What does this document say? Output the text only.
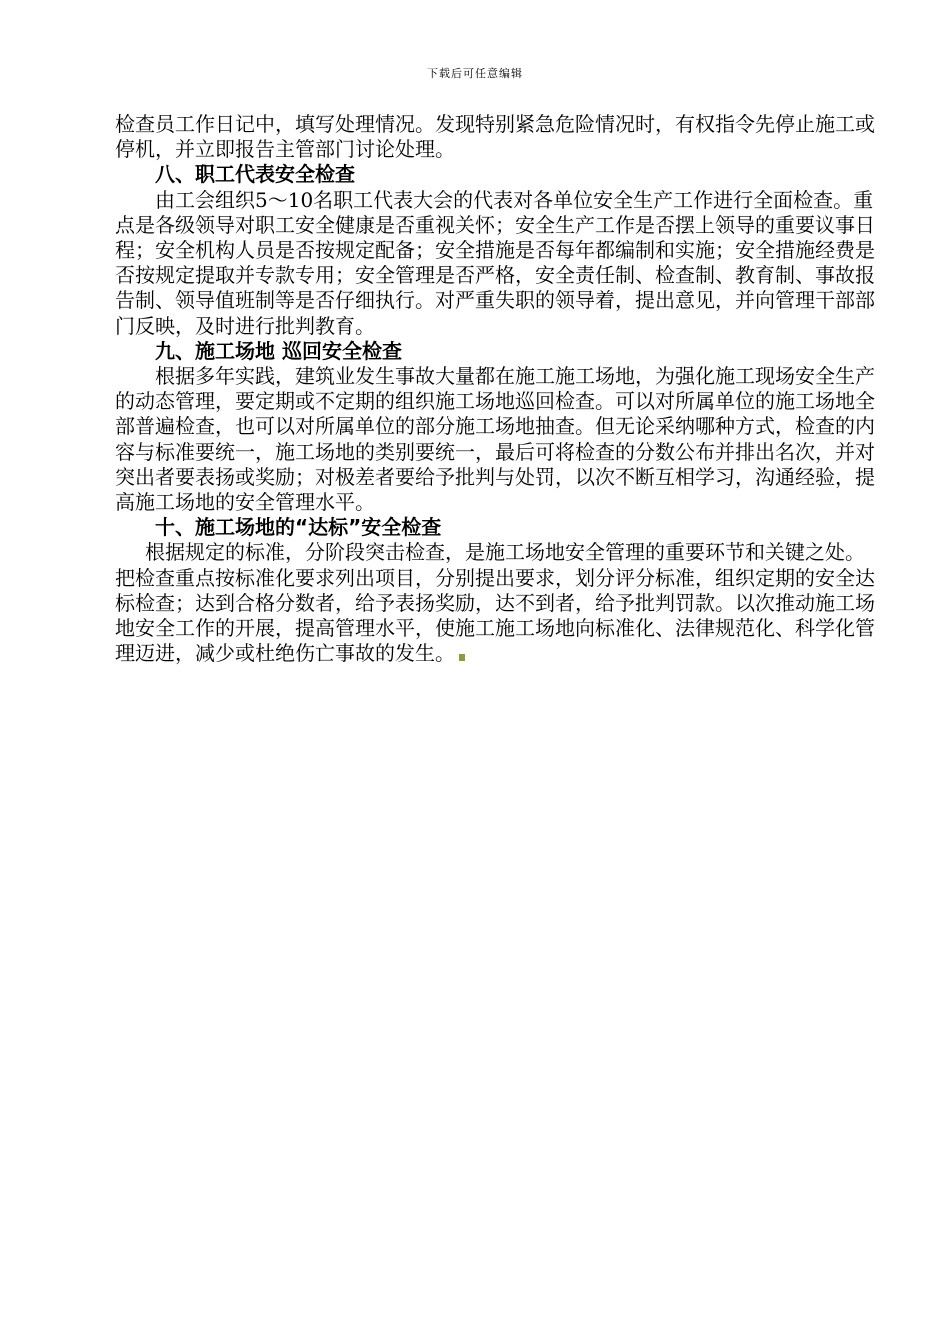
下载后可任意编辑

检查员工作日记中，填写处理情况。发现特别紧急危险情况时，有权指令先停止施工或停机，并立即报告主管部门讨论处理。

八、职工代表安全检查

由工会组织5～10名职工代表大会的代表对各单位安全生产工作进行全面检查。重点是各级领导对职工安全健康是否重视关怀；安全生产工作是否摆上领导的重要议事日程；安全机构人员是否按规定配备；安全措施是否每年都编制和实施；安全措施经费是否按规定提取并专款专用；安全管理是否严格，安全责任制、检查制、教育制、事故报告制、领导值班制等是否仔细执行。对严重失职的领导着，提出意见，并向管理干部部门反映，及时进行批判教育。

九、施工场地 巡回安全检查

根据多年实践，建筑业发生事故大量都在施工施工场地，为强化施工现场安全生产的动态管理，要定期或不定期的组织施工场地巡回检查。可以对所属单位的施工场地全部普遍检查，也可以对所属单位的部分施工场地抽查。但无论采纳哪种方式，检查的内容与标准要统一，施工场地的类别要统一，最后可将检查的分数公布并排出名次，并对突出者要表扬或奖励；对极差者要给予批判与处罚，以次不断互相学习，沟通经验，提高施工场地的安全管理水平。

十、施工场地的“达标”安全检查

根据规定的标准，分阶段突击检查，是施工场地安全管理的重要环节和关键之处。把检查重点按标准化要求列出项目，分别提出要求，划分评分标准，组织定期的安全达标检查；达到合格分数者，给予表扬奖励，达不到者，给予批判罚款。以次推动施工场地安全工作的开展，提高管理水平，使施工施工场地向标准化、法律规范化、科学化管理迈进，减少或杜绝伤亡事故的发生。
